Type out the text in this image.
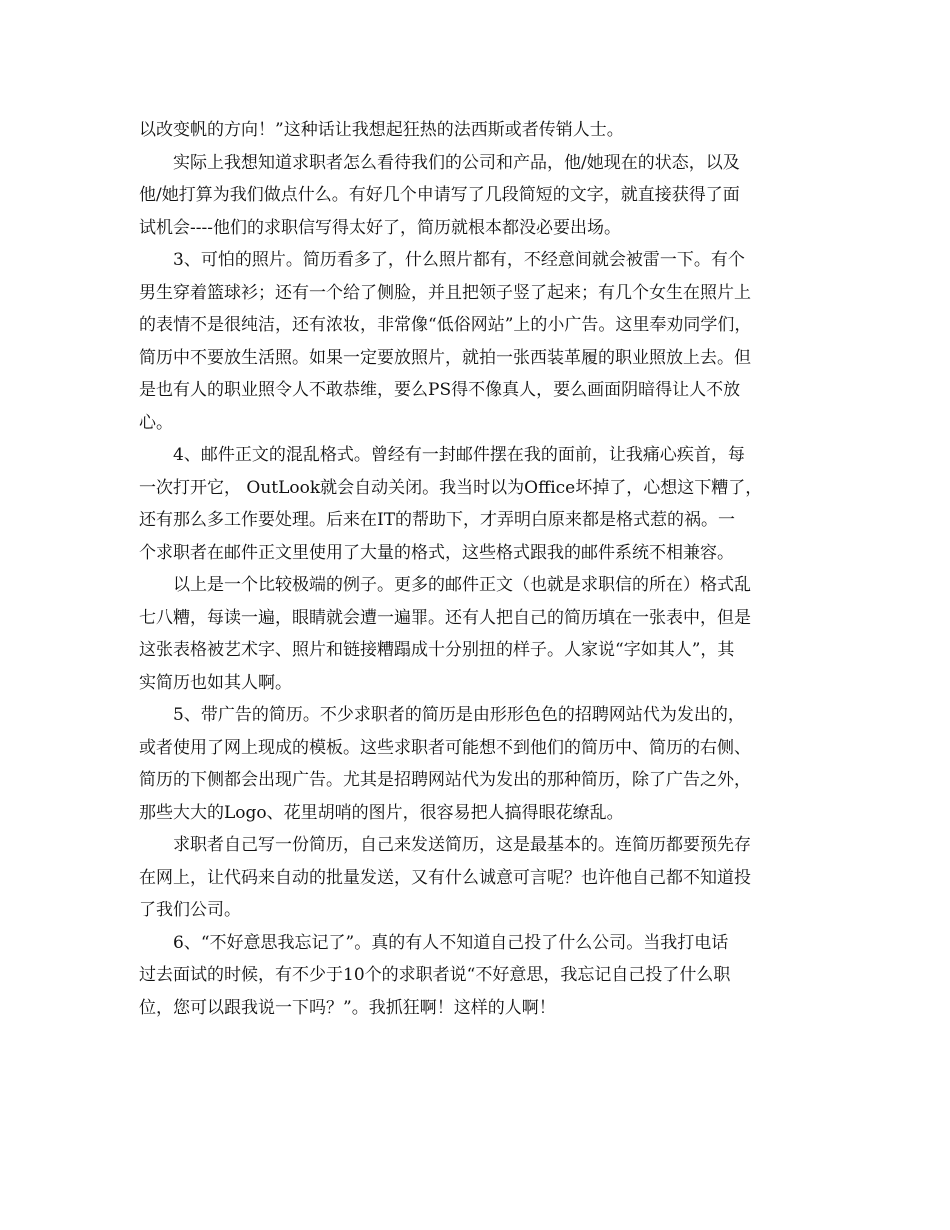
以改变帆的方向！”这种话让我想起狂热的法西斯或者传销人士。
实际上我想知道求职者怎么看待我们的公司和产品，他/她现在的状态，以及
他/她打算为我们做点什么。有好几个申请写了几段简短的文字，就直接获得了面
试机会----他们的求职信写得太好了，简历就根本都没必要出场。
3、可怕的照片。简历看多了，什么照片都有，不经意间就会被雷一下。有个
男生穿着篮球衫；还有一个给了侧脸，并且把领子竖了起来；有几个女生在照片上
的表情不是很纯洁，还有浓妆，非常像“低俗网站”上的小广告。这里奉劝同学们，
简历中不要放生活照。如果一定要放照片，就拍一张西装革履的职业照放上去。但
是也有人的职业照令人不敢恭维，要么PS得不像真人，要么画面阴暗得让人不放
心。
4、邮件正文的混乱格式。曾经有一封邮件摆在我的面前，让我痛心疾首，每
一次打开它， OutLook就会自动关闭。我当时以为Office坏掉了，心想这下糟了，
还有那么多工作要处理。后来在IT的帮助下，才弄明白原来都是格式惹的祸。一
个求职者在邮件正文里使用了大量的格式，这些格式跟我的邮件系统不相兼容。
以上是一个比较极端的例子。更多的邮件正文（也就是求职信的所在）格式乱
七八糟，每读一遍，眼睛就会遭一遍罪。还有人把自己的简历填在一张表中，但是
这张表格被艺术字、照片和链接糟蹋成十分别扭的样子。人家说“字如其人”，其
实简历也如其人啊。
5、带广告的简历。不少求职者的简历是由形形色色的招聘网站代为发出的，
或者使用了网上现成的模板。这些求职者可能想不到他们的简历中、简历的右侧、
简历的下侧都会出现广告。尤其是招聘网站代为发出的那种简历，除了广告之外，
那些大大的Logo、花里胡哨的图片，很容易把人搞得眼花缭乱。
求职者自己写一份简历，自己来发送简历，这是最基本的。连简历都要预先存
在网上，让代码来自动的批量发送，又有什么诚意可言呢？也许他自己都不知道投
了我们公司。
6、“不好意思我忘记了”。真的有人不知道自己投了什么公司。当我打电话
过去面试的时候，有不少于10个的求职者说“不好意思，我忘记自己投了什么职
位，您可以跟我说一下吗？”。我抓狂啊！这样的人啊！
